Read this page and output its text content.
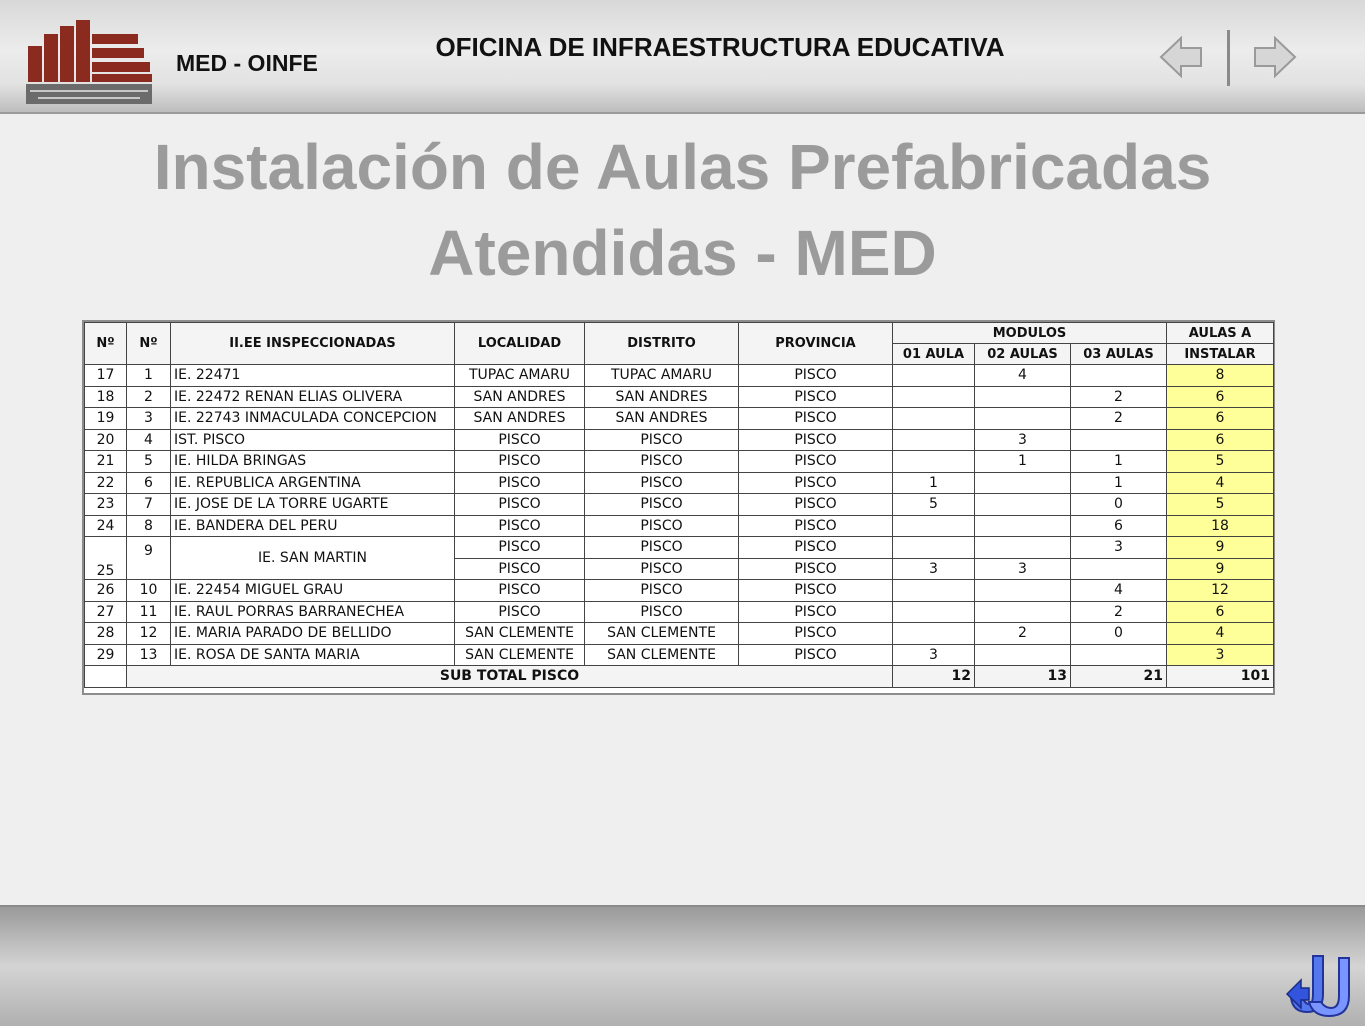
MED - OINFE
OFICINA DE INFRAESTRUCTURA EDUCATIVA
Instalación de Aulas Prefabricadas Atendidas - MED
Nº	Nº	II.EE INSPECCIONADAS	LOCALIDAD	DISTRITO	PROVINCIA	MODULOS			AULAS A
						01 AULA	02 AULAS	03 AULAS	INSTALAR
17	1	IE. 22471	TUPAC AMARU	TUPAC AMARU	PISCO		4		8
18	2	IE. 22472 RENAN ELIAS OLIVERA	SAN ANDRES	SAN ANDRES	PISCO			2	6
19	3	IE. 22743 INMACULADA CONCEPCION	SAN ANDRES	SAN ANDRES	PISCO			2	6
20	4	IST. PISCO	PISCO	PISCO	PISCO		3		6
21	5	IE. HILDA BRINGAS	PISCO	PISCO	PISCO		1	1	5
22	6	IE. REPUBLICA ARGENTINA	PISCO	PISCO	PISCO	1		1	4
23	7	IE. JOSE DE LA TORRE UGARTE	PISCO	PISCO	PISCO	5		0	5
24	8	IE. BANDERA DEL PERU	PISCO	PISCO	PISCO			6	18
25	9	IE. SAN MARTIN	PISCO	PISCO	PISCO			3	9
			PISCO	PISCO	PISCO	3	3		9
26	10	IE. 22454 MIGUEL GRAU	PISCO	PISCO	PISCO			4	12
27	11	IE. RAUL PORRAS BARRANECHEA	PISCO	PISCO	PISCO			2	6
28	12	IE. MARIA PARADO DE BELLIDO	SAN CLEMENTE	SAN CLEMENTE	PISCO		2	0	4
29	13	IE. ROSA DE SANTA MARIA	SAN CLEMENTE	SAN CLEMENTE	PISCO	3			3
	SUB TOTAL PISCO					12	13	21	101
